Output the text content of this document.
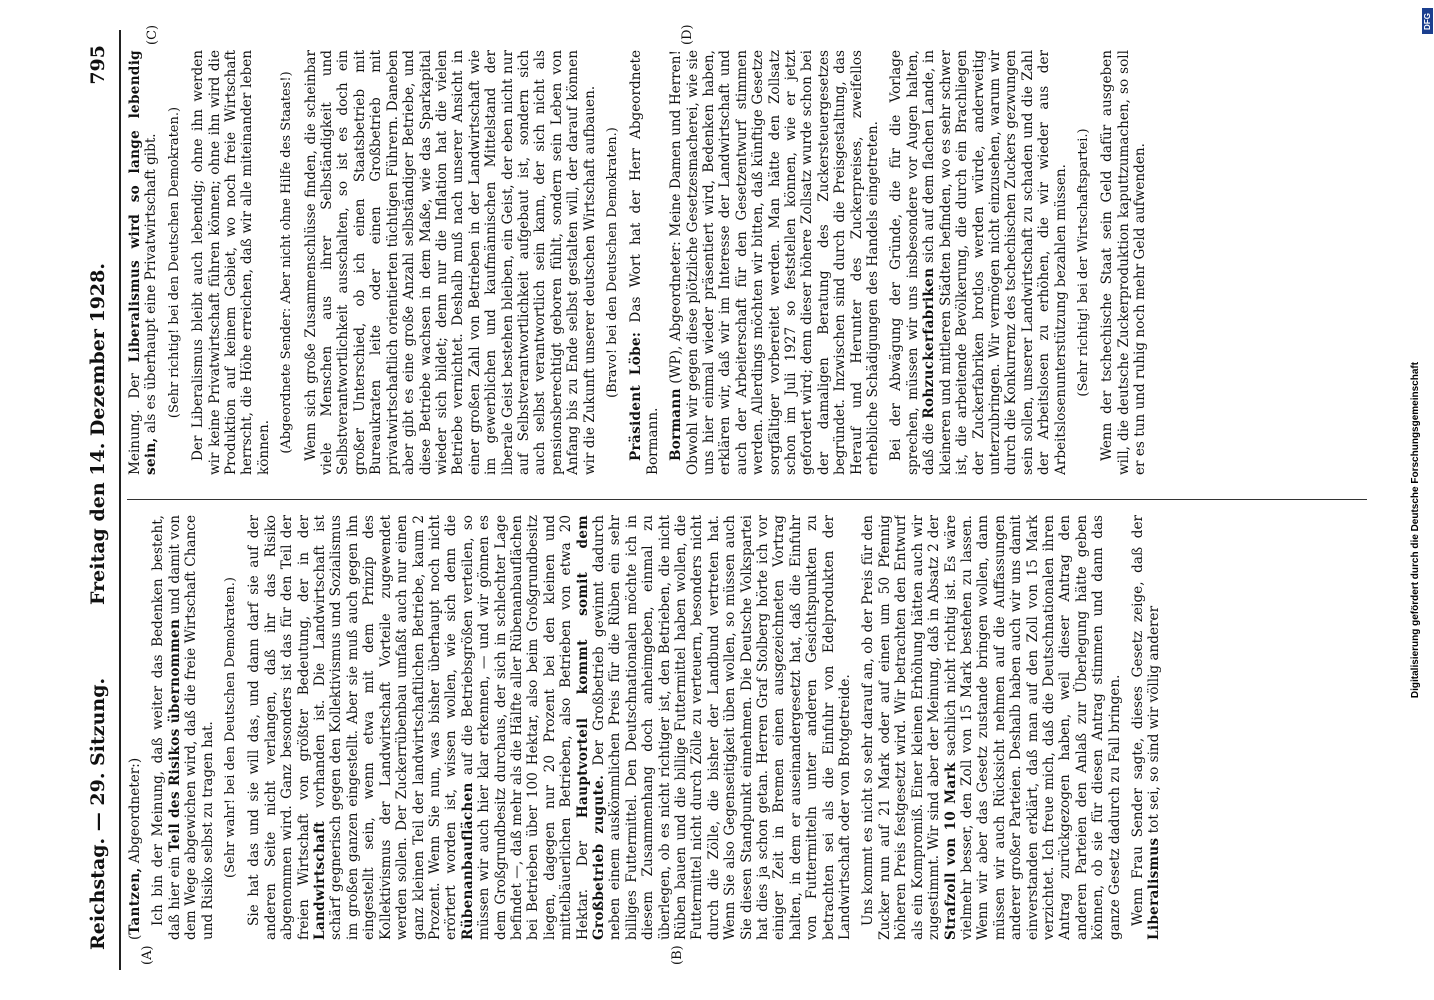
Reichstag. — 29. Sitzung.
Freitag den 14. Dezember 1928.
795
(A)	(B)
(C)	(D)

(Tantzen, Abgeordneter:) Ich bin der Meinung, daß weiter das Bedenken besteht, daß hier ein Teil des Risikos übernommen und damit von dem Wege abgewichen wird, daß die freie Wirtschaft Chance und Risiko selbst zu tragen hat. (Sehr wahr! bei den Deutschen Demokraten.) Sie hat das und sie will das, und dann darf sie auf der anderen Seite nicht verlangen, daß ihr das Risiko abgenommen wird. Ganz besonders ist das für den Teil der freien Wirtschaft von größter Bedeutung, der in der Landwirtschaft vorhanden ist. Die Landwirtschaft ist schärf gegnerisch gegen den Kollektivismus und Sozialismus im großen ganzen eingestellt. Aber sie muß auch gegen ihn eingestellt sein, wenn etwa mit dem Prinzip des Kollektivismus der Landwirtschaft Vorteile zugewendet werden sollen. Der Zuckerrübenbau umfaßt auch nur einen ganz kleinen Teil der landwirtschaftlichen Betriebe, kaum 2 Prozent. Wenn Sie nun, was bisher überhaupt noch nicht erörtert worden ist, wissen wollen, wie sich denn die Rübenanbauflächen auf die Betriebsgrößen verteilen, so müssen wir auch hier klar erkennen, — und wir gönnen es dem Großgrundbesitz durchaus, der sich in schlechter Lage befindet —, daß mehr als die Hälfte aller Rübenanbauflächen bei Betrieben über 100 Hektar, also beim Großgrundbesitz liegen, dagegen nur 20 Prozent bei den kleinen und mittelbäuerlichen Betrieben, also Betrieben von etwa 20 Hektar. Der Hauptvorteil kommt somit dem Großbetrieb zugute. Der Großbetrieb gewinnt dadurch neben einem auskömmlichen Preis für die Rüben ein sehr billiges Futtermittel. Den Deutschnationalen möchte ich in diesem Zusammenhang doch anheimgeben, einmal zu überlegen, ob es nicht richtiger ist, den Betrieben, die nicht Rüben bauen und die billige Futtermittel haben wollen, die Futtermittel nicht durch Zölle zu verteuern, besonders nicht durch die Zölle, die bisher der Landbund vertreten hat. Wenn Sie also Gegenseitigkeit üben wollen, so müssen auch Sie diesen Standpunkt einnehmen. Die Deutsche Volkspartei hat dies ja schon getan. Herren Graf Stolberg hörte ich vor einiger Zeit in Bremen einen ausgezeichneten Vortrag halten, in dem er auseinandergesetzt hat, daß die Einfuhr von Futtermitteln unter anderen Gesichtspunkten zu betrachten sei als die Einfuhr von Edelprodukten der Landwirtschaft oder von Brotgetreide. Uns kommt es nicht so sehr darauf an, ob der Preis für den Zucker nun auf 21 Mark oder auf einen um 50 Pfennig höheren Preis festgesetzt wird. Wir betrachten den Entwurf als ein Kompromiß. Einer kleinen Erhöhung hätten auch wir zugestimmt. Wir sind aber der Meinung, daß in Absatz 2 der Strafzoll von 10 Mark sachlich nicht richtig ist. Es wäre vielmehr besser, den Zoll von 15 Mark bestehen zu lassen. Wenn wir aber das Gesetz zustande bringen wollen, dann müssen wir auch Rücksicht nehmen auf die Auffassungen anderer großer Parteien. Deshalb haben auch wir uns damit einverstanden erklärt, daß man auf den Zoll von 15 Mark verzichtet. Ich freue mich, daß die Deutschnationalen ihren Antrag zurückgezogen haben, weil dieser Antrag den anderen Parteien den Anlaß zur Überlegung hätte geben können, ob sie für diesen Antrag stimmen und dann das ganze Gesetz dadurch zu Fall bringen. Wenn Frau Sender sagte, dieses Gesetz zeige, daß der Liberalismus tot sei, so sind wir völlig anderer

Meinung. Der Liberalismus wird so lange lebendig sein, als es überhaupt eine Privatwirtschaft gibt. (Sehr richtig! bei den Deutschen Demokraten.) Der Liberalismus bleibt auch lebendig; ohne ihn werden wir keine Privatwirtschaft führen können; ohne ihn wird die Produktion auf keinem Gebiet, wo noch freie Wirtschaft herrscht, die Höhe erreichen, daß wir alle miteinander leben können. (Abgeordnete Sender: Aber nicht ohne Hilfe des Staates!) Wenn sich große Zusammenschlüsse finden, die scheinbar viele Menschen aus ihrer Selbständigkeit und Selbstverantwortlichkeit ausschalten, so ist es doch ein großer Unterschied, ob ich einen Staatsbetrieb mit Bureaukraten leite oder einen Großbetrieb mit privatwirtschaftlich orientierten tüchtigen Führern. Daneben aber gibt es eine große Anzahl selbständiger Betriebe, und diese Betriebe wachsen in dem Maße, wie das Sparkapital wieder sich bildet; denn nur die Inflation hat die vielen Betriebe vernichtet. Deshalb muß nach unserer Ansicht in einer großen Zahl von Betrieben in der Landwirtschaft wie im gewerblichen und kaufmännischen Mittelstand der liberale Geist bestehen bleiben, ein Geist, der eben nicht nur auf Selbstverantwortlichkeit aufgebaut ist, sondern sich auch selbst verantwortlich sein kann, der sich nicht als pensionsberechtigt geboren fühlt, sondern sein Leben von Anfang bis zu Ende selbst gestalten will, der darauf können wir die Zukunft unserer deutschen Wirtschaft aufbauen. (Bravo! bei den Deutschen Demokraten.) Präsident Löbe: Das Wort hat der Herr Abgeordnete Bormann. Bormann (WP), Abgeordneter: Meine Damen und Herren! Obwohl wir gegen diese plötzliche Gesetzesmacherei, wie sie uns hier einmal wieder präsentiert wird, Bedenken haben, erklären wir, daß wir im Interesse der Landwirtschaft und auch der Arbeiterschaft für den Gesetzentwurf stimmen werden. Allerdings möchten wir bitten, daß künftige Gesetze sorgfältiger vorbereitet werden. Man hätte den Zollsatz schon im Juli 1927 so feststellen können, wie er jetzt gefordert wird; denn dieser höhere Zollsatz wurde schon bei der damaligen Beratung des Zuckersteuergesetzes begründet. Inzwischen sind durch die Preisgestaltung, das Herauf und Herunter des Zuckerpreises, zweifellos erhebliche Schädigungen des Handels eingetreten. Bei der Abwägung der Gründe, die für die Vorlage sprechen, müssen wir uns insbesondere vor Augen halten, daß die Rohzuckerfabriken sich auf dem flachen Lande, in kleineren und mittleren Städten befinden, wo es sehr schwer ist, die arbeitende Bevölkerung, die durch ein Brachliegen der Zuckerfabriken brotlos werden würde, anderweitig unterzubringen. Wir vermögen nicht einzusehen, warum wir durch die Konkurrenz des tschechischen Zuckers gezwungen sein sollen, unserer Landwirtschaft zu schaden und die Zahl der Arbeitslosen zu erhöhen, die wir wieder aus der Arbeitslosenunterstützung bezahlen müssen. (Sehr richtig! bei der Wirtschaftspartei.) Wenn der tschechische Staat sein Geld dafür ausgeben will, die deutsche Zuckerproduktion kaputtzumachen, so soll er es tun und ruhig noch mehr Geld aufwenden.

Digitalisierung gefördert durch die Deutsche Forschungsgemeinschaft
DFG
